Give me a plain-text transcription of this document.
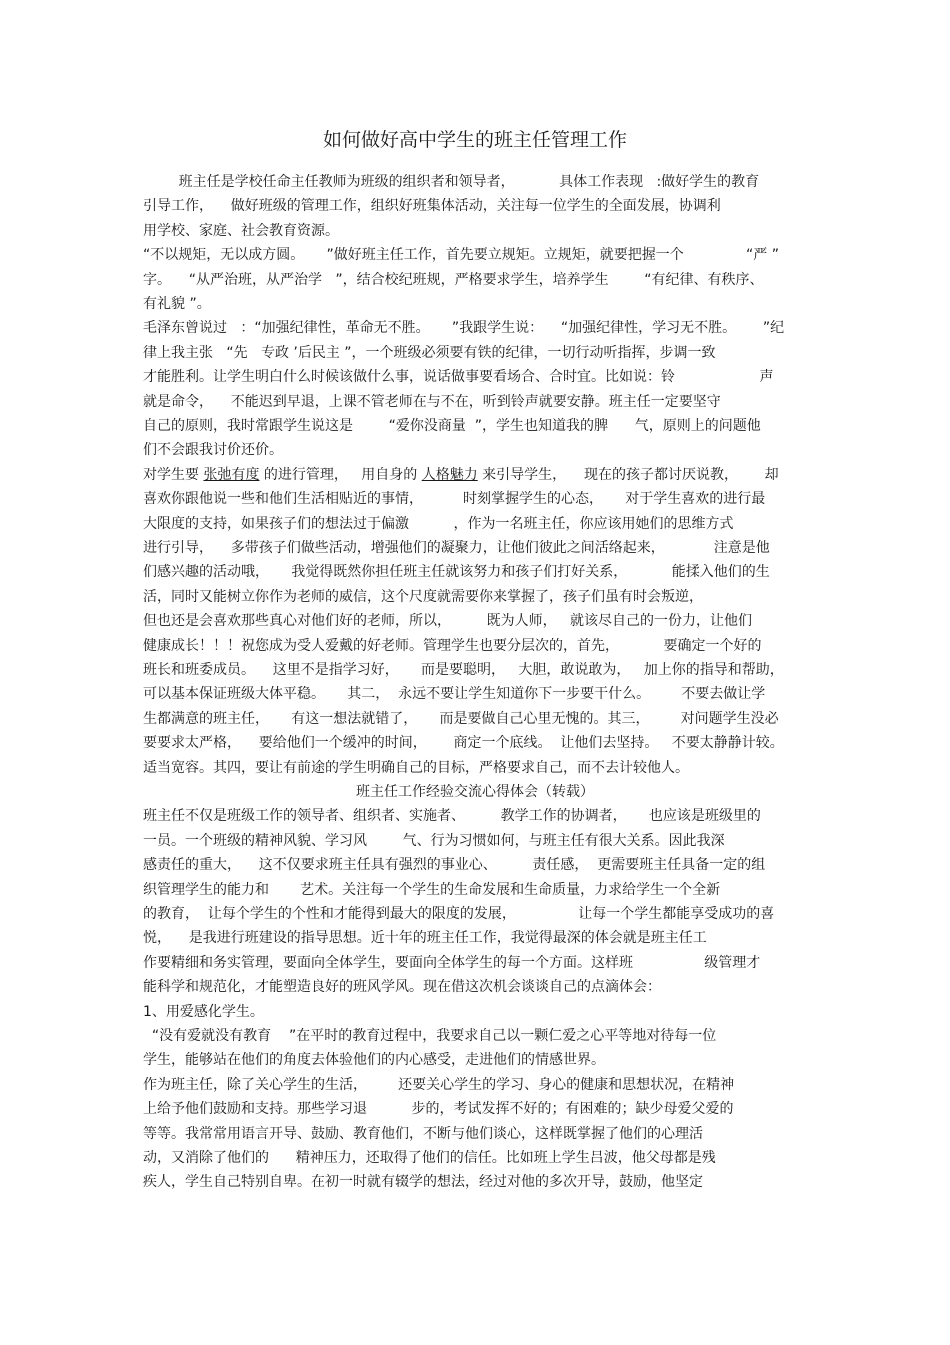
如何做好高中学生的班主任管理工作
班主任是学校任命主任教师为班级的组织者和领导者，          具体工作表现   :做好学生的教育
引导工作，    做好班级的管理工作，组织好班集体活动，关注每一位学生的全面发展，协调利
用学校、家庭、社会教育资源。
“不以规矩，无以成方圆。     ”做好班主任工作，首先要立规矩。立规矩，就要把握一个              “严 ”
字。    “从严治班，从严治学   ”，结合校纪班规，严格要求学生，培养学生        “有纪律、有秩序、
有礼貌 ”。
毛泽东曾说过   ：“加强纪律性，革命无不胜。     ”我跟学生说：    “加强纪律性，学习无不胜。      ”纪
律上我主张   “先   专政 ’后民主 ”，一个班级必须要有铁的纪律，一切行动听指挥，步调一致
才能胜利。让学生明白什么时候该做什么事，说话做事要看场合、合时宜。比如说：铃                   声
就是命令，    不能迟到早退，上课不管老师在与不在，听到铃声就要安静。班主任一定要坚守
自己的原则，我时常跟学生说这是        “爱你没商量  ”，学生也知道我的脾      气，原则上的问题他
们不会跟我讨价还价。
对学生要 张弛有度 的进行管理，   用自身的 人格魅力 来引导学生，    现在的孩子都讨厌说教，      却
喜欢你跟他说一些和他们生活相贴近的事情，         时刻掌握学生的心态，     对于学生喜欢的进行最
大限度的支持，如果孩子们的想法过于偏激          ，作为一名班主任，你应该用她们的思维方式
进行引导，    多带孩子们做些活动，增强他们的凝聚力，让他们彼此之间活络起来，           注意是他
们感兴趣的活动哦，     我觉得既然你担任班主任就该努力和孩子们打好关系，          能揉入他们的生
活，同时又能树立你作为老师的威信，这个尺度就需要你来掌握了，孩子们虽有时会叛逆，
但也还是会喜欢那些真心对他们好的老师，所以，        既为人师，   就该尽自己的一份力，让他们
健康成长！！！祝您成为受人爱戴的好老师。管理学生也要分层次的，首先，          要确定一个好的
班长和班委成员。    这里不是指学习好，     而是要聪明，   大胆，敢说敢为，   加上你的指导和帮助，
可以基本保证班级大体平稳。     其二，  永远不要让学生知道你下一步要干什么。       不要去做让学
生都满意的班主任，     有这一想法就错了，     而是要做自己心里无愧的。其三，       对问题学生没必
要要求太严格，    要给他们一个缓冲的时间，      商定一个底线。  让他们去坚持。   不要太静静计较。
适当宽容。其四，要让有前途的学生明确自己的目标，严格要求自己，而不去计较他人。
班主任工作经验交流心得体会（转载）
班主任不仅是班级工作的领导者、组织者、实施者、        教学工作的协调者，     也应该是班级里的
一员。一个班级的精神风貌、学习风        气、行为习惯如何，与班主任有很大关系。因此我深
感责任的重大，    这不仅要求班主任具有强烈的事业心、        责任感，  更需要班主任具备一定的组
织管理学生的能力和       艺术。关注每一个学生的生命发展和生命质量，力求给学生一个全新
的教育，  让每个学生的个性和才能得到最大的限度的发展，              让每一个学生都能享受成功的喜
悦，    是我进行班建设的指导思想。近十年的班主任工作，我觉得最深的体会就是班主任工
作要精细和务实管理，要面向全体学生，要面向全体学生的每一个方面。这样班                级管理才
能科学和规范化，才能塑造良好的班风学风。现在借这次机会谈谈自己的点滴体会：
1、用爱感化学生。
“没有爱就没有教育    ”在平时的教育过程中，我要求自己以一颗仁爱之心平等地对待每一位
学生，能够站在他们的角度去体验他们的内心感受，走进他们的情感世界。
作为班主任，除了关心学生的生活，       还要关心学生的学习、身心的健康和思想状况，在精神
上给予他们鼓励和支持。那些学习退          步的，考试发挥不好的；有困难的；缺少母爱父爱的
等等。我常常用语言开导、鼓励、教育他们，不断与他们谈心，这样既掌握了他们的心理活
动，又消除了他们的      精神压力，还取得了他们的信任。比如班上学生吕波，他父母都是残
疾人，学生自己特别自卑。在初一时就有辍学的想法，经过对他的多次开导，鼓励，他坚定
